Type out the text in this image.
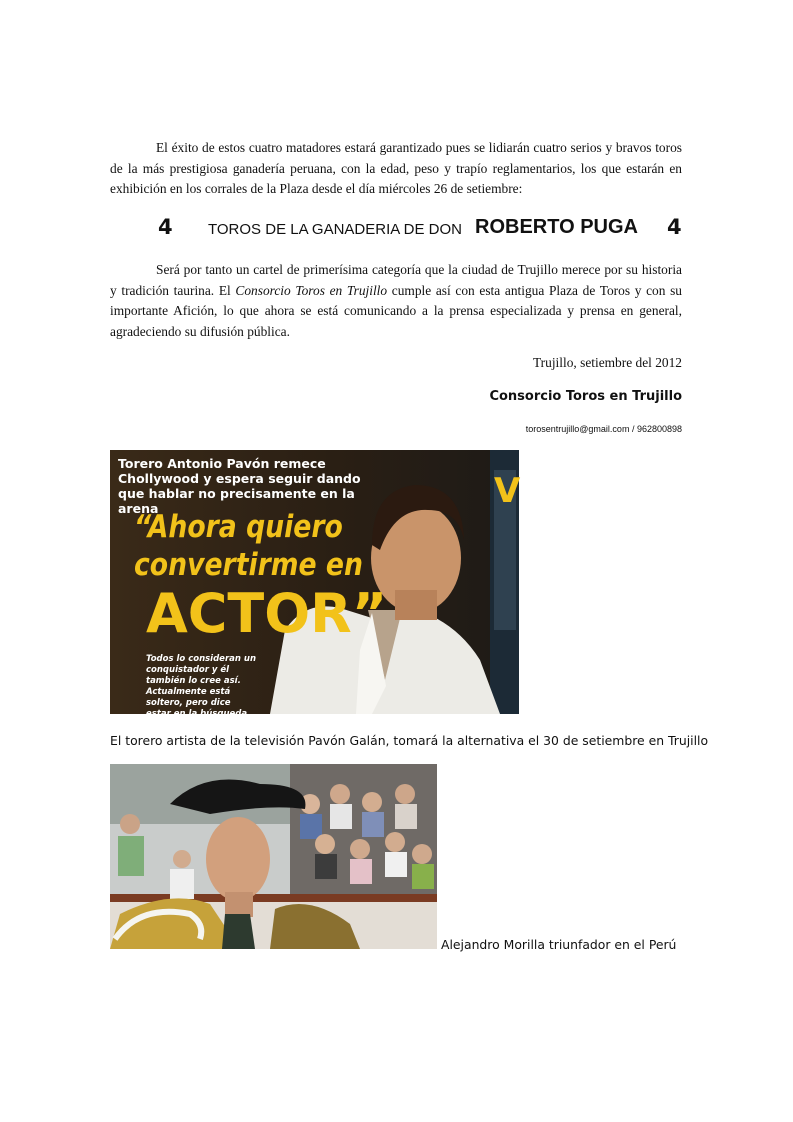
El éxito de estos cuatro matadores estará garantizado pues se lidiarán cuatro serios y bravos toros de la más prestigiosa ganadería peruana, con la edad, peso y trapío reglamentarios, los que estarán en exhibición en los corrales de la Plaza desde el día miércoles 26 de setiembre:
4 TOROS DE LA GANADERIA DE DON ROBERTO PUGA 4
Será por tanto un cartel de primerísima categoría que la ciudad de Trujillo merece por su historia y tradición taurina. El Consorcio Toros en Trujillo cumple así con esta antigua Plaza de Toros y con su importante Afición, lo que ahora se está comunicando a la prensa especializada y prensa en general, agradeciendo su difusión pública.
Trujillo, setiembre del 2012
Consorcio Toros en Trujillo
torosentrujillo@gmail.com / 962800898
V
Torero Antonio Pavón remece Chollywood y espera seguir dando que hablar no precisamente en la arena
“Ahora quiero
convertirme en
ACTOR”
Todos lo consideran un conquistador y él también lo cree así. Actualmente está soltero, pero dice estar en la búsqueda de una persona que lo
El torero artista de la televisión Pavón Galán, tomará la alternativa el 30 de setiembre en Trujillo
Alejandro Morilla triunfador en el Perú
